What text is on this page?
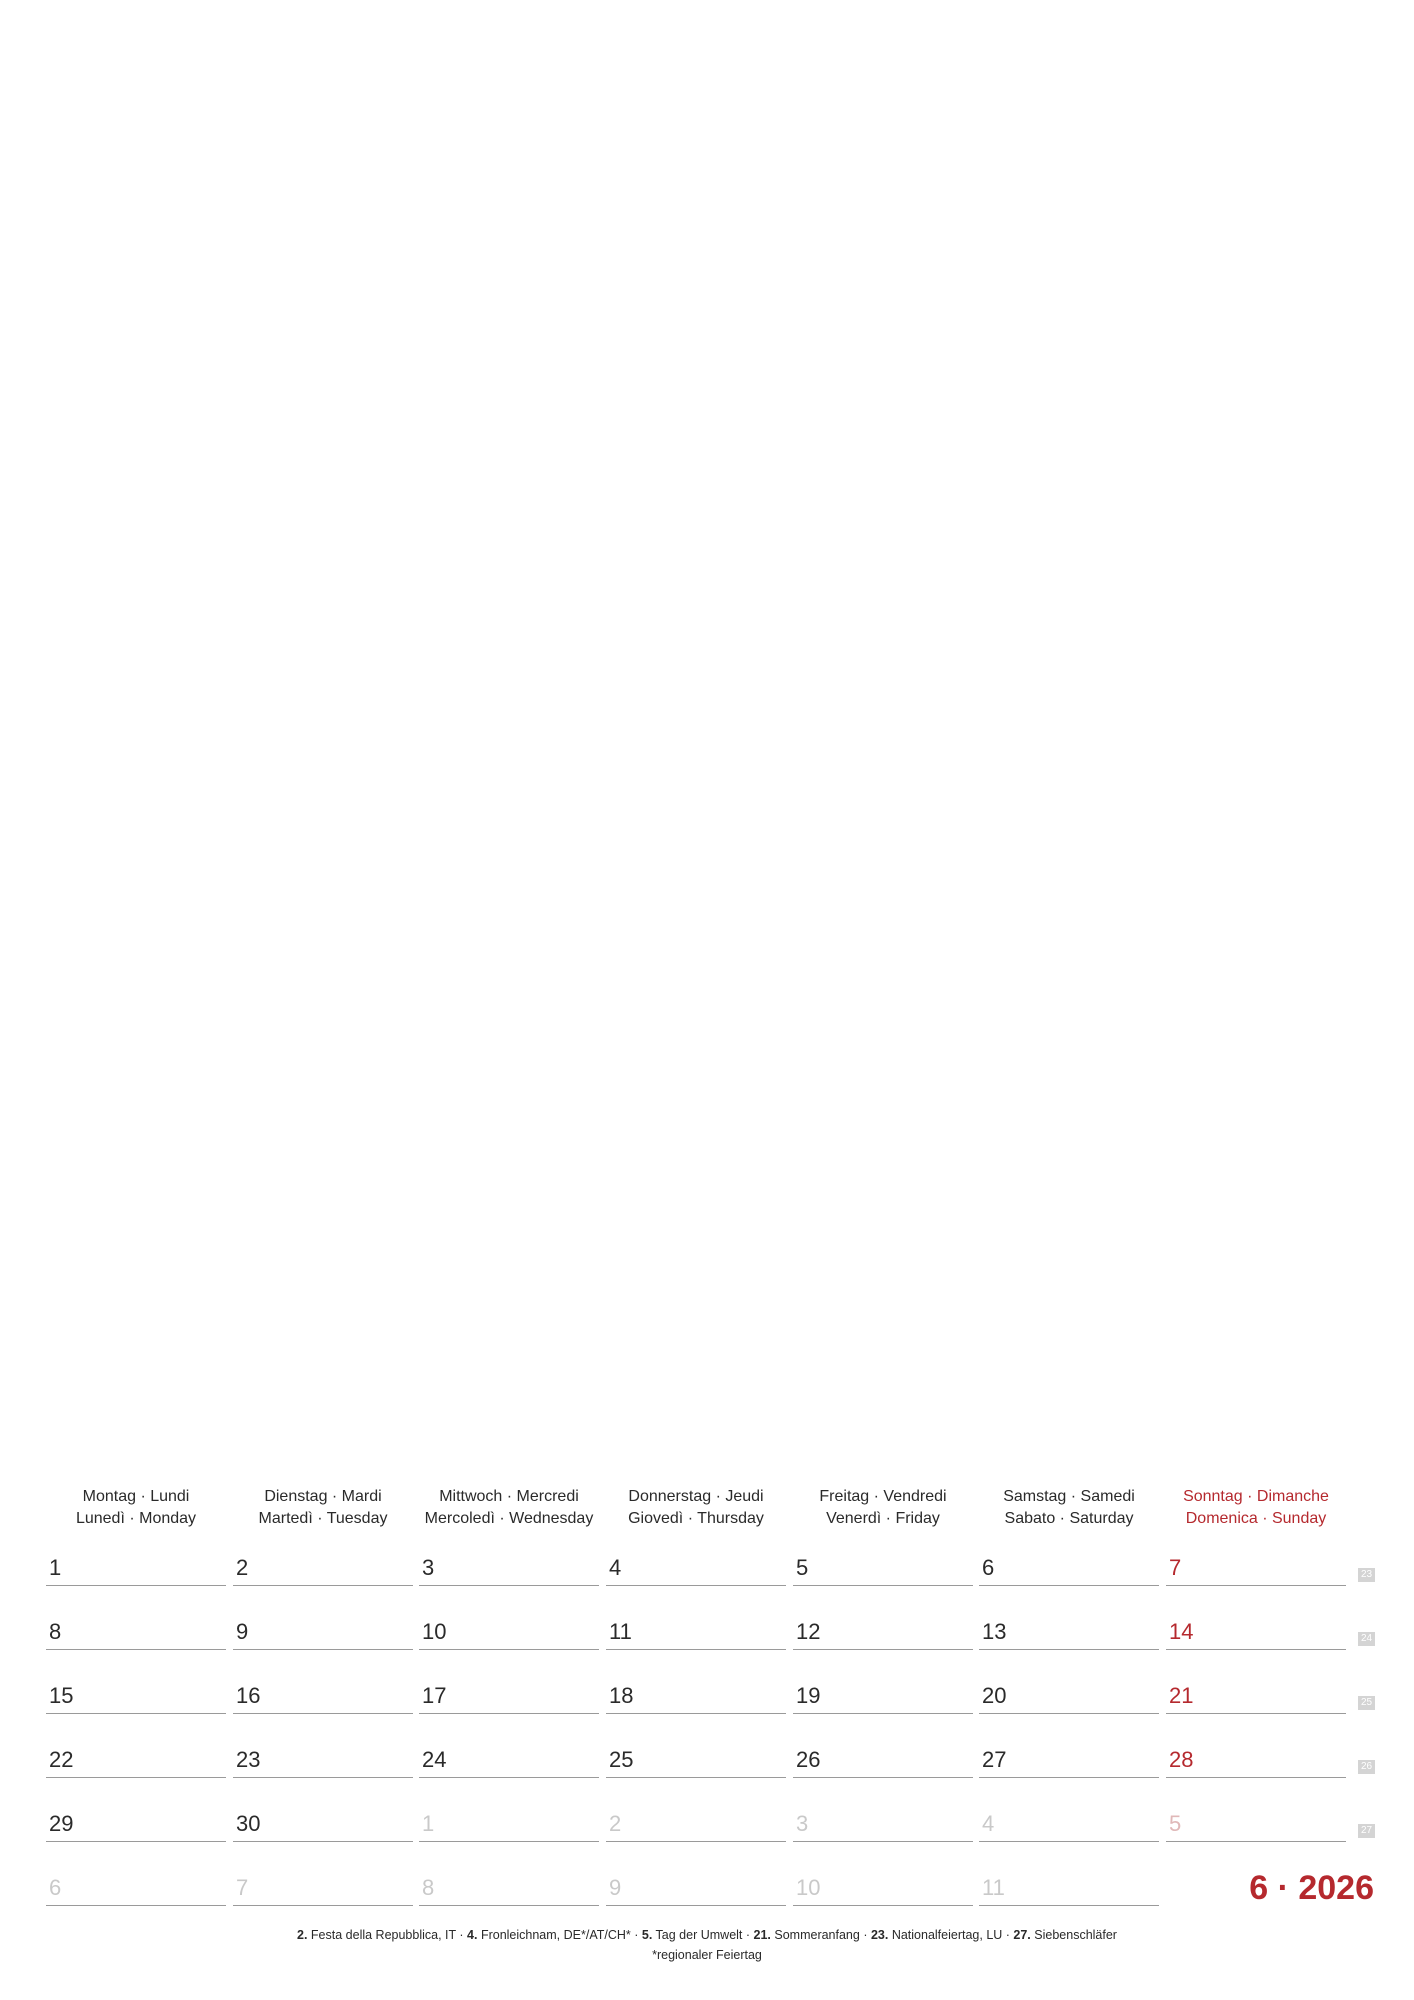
Montag · Lundi
Lunedì · Monday
Dienstag · Mardi
Martedì · Tuesday
Mittwoch · Mercredi
Mercoledì · Wednesday
Donnerstag · Jeudi
Giovedì · Thursday
Freitag · Vendredi
Venerdì · Friday
Samstag · Samedi
Sabato · Saturday
Sonntag · Dimanche
Domenica · Sunday
1	2	3	4	5	6	7	23
8	9	10	11	12	13	14	24
15	16	17	18	19	20	21	25
22	23	24	25	26	27	28	26
29	30	1	2	3	4	5	27
6	7	8	9	10	11	6 · 2026
2. Festa della Repubblica, IT · 4. Fronleichnam, DE*/AT/CH* · 5. Tag der Umwelt · 21. Sommeranfang · 23. Nationalfeiertag, LU · 27. Siebenschläfer
*regionaler Feiertag
